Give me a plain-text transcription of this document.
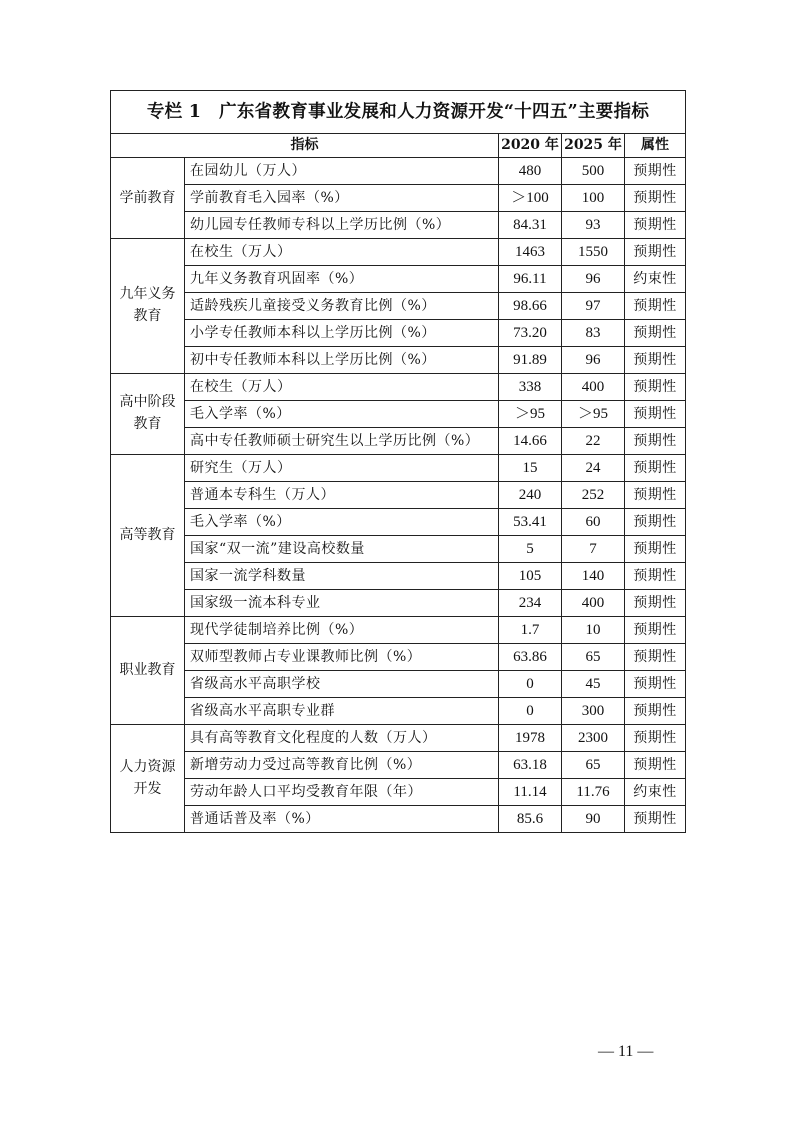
专栏 1　广东省教育事业发展和人力资源开发“十四五”主要指标				
指标		2020 年	2025 年	属性
学前教育	在园幼儿（万人）	480	500	预期性
	学前教育毛入园率（%）	＞100	100	预期性
	幼儿园专任教师专科以上学历比例（%）	84.31	93	预期性
九年义务教育	在校生（万人）	1463	1550	预期性
	九年义务教育巩固率（%）	96.11	96	约束性
	适龄残疾儿童接受义务教育比例（%）	98.66	97	预期性
	小学专任教师本科以上学历比例（%）	73.20	83	预期性
	初中专任教师本科以上学历比例（%）	91.89	96	预期性
高中阶段教育	在校生（万人）	338	400	预期性
	毛入学率（%）	＞95	＞95	预期性
	高中专任教师硕士研究生以上学历比例（%）	14.66	22	预期性
高等教育	研究生（万人）	15	24	预期性
	普通本专科生（万人）	240	252	预期性
	毛入学率（%）	53.41	60	预期性
	国家“双一流”建设高校数量	5	7	预期性
	国家一流学科数量	105	140	预期性
	国家级一流本科专业	234	400	预期性
职业教育	现代学徒制培养比例（%）	1.7	10	预期性
	双师型教师占专业课教师比例（%）	63.86	65	预期性
	省级高水平高职学校	0	45	预期性
	省级高水平高职专业群	0	300	预期性
人力资源开发	具有高等教育文化程度的人数（万人）	1978	2300	预期性
	新增劳动力受过高等教育比例（%）	63.18	65	预期性
	劳动年龄人口平均受教育年限（年）	11.14	11.76	约束性
	普通话普及率（%）	85.6	90	预期性
— 11 —
